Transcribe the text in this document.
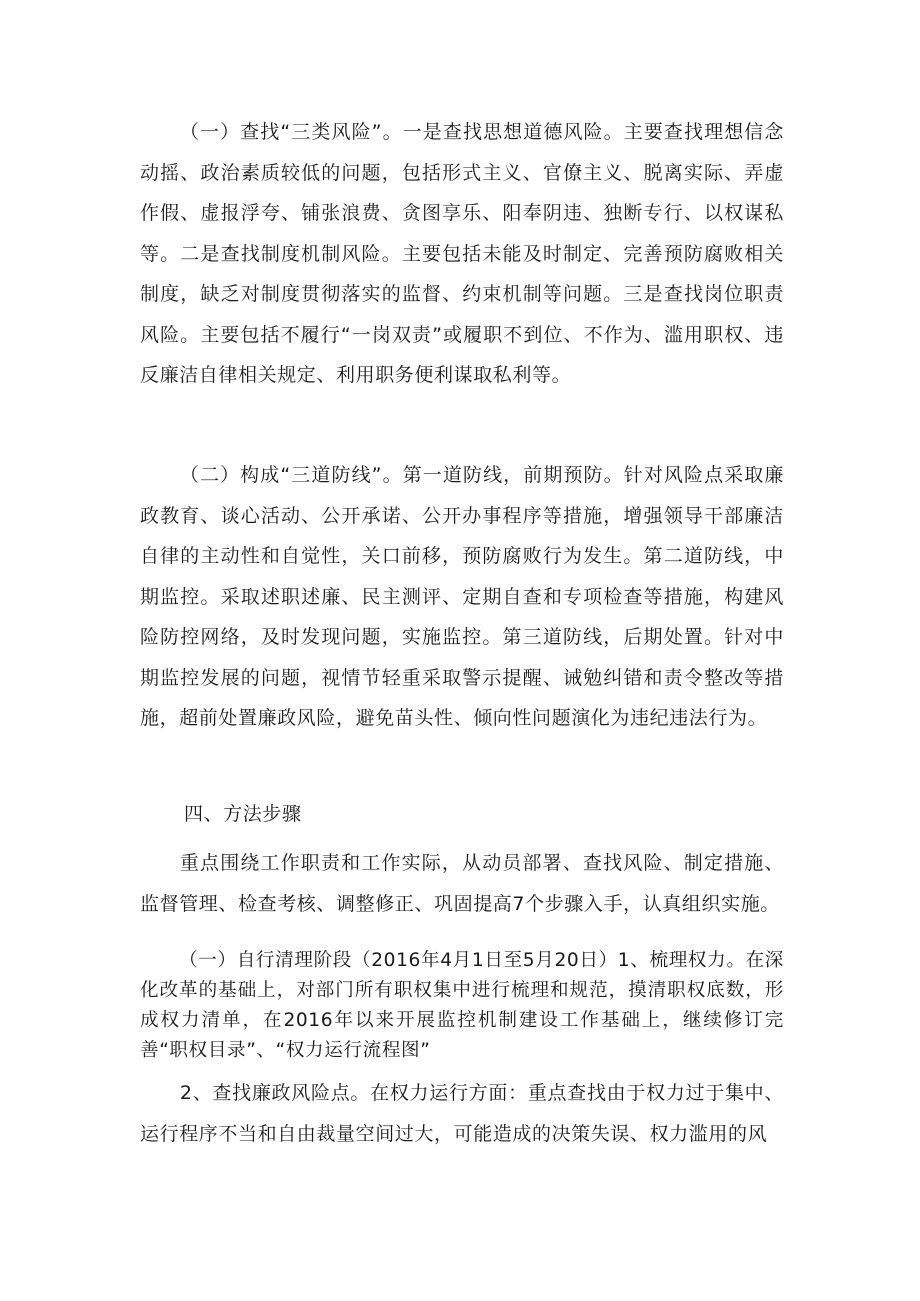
（一）查找“三类风险”。一是查找思想道德风险。主要查找理想信念动摇、政治素质较低的问题，包括形式主义、官僚主义、脱离实际、弄虚作假、虚报浮夸、铺张浪费、贪图享乐、阳奉阴违、独断专行、以权谋私等。二是查找制度机制风险。主要包括未能及时制定、完善预防腐败相关制度，缺乏对制度贯彻落实的监督、约束机制等问题。三是查找岗位职责风险。主要包括不履行“一岗双责”或履职不到位、不作为、滥用职权、违反廉洁自律相关规定、利用职务便利谋取私利等。

（二）构成“三道防线”。第一道防线，前期预防。针对风险点采取廉政教育、谈心活动、公开承诺、公开办事程序等措施，增强领导干部廉洁自律的主动性和自觉性，关口前移，预防腐败行为发生。第二道防线，中期监控。采取述职述廉、民主测评、定期自查和专项检查等措施，构建风险防控网络，及时发现问题，实施监控。第三道防线，后期处置。针对中期监控发展的问题，视情节轻重采取警示提醒、诫勉纠错和责令整改等措施，超前处置廉政风险，避免苗头性、倾向性问题演化为违纪违法行为。

四、方法步骤

重点围绕工作职责和工作实际，从动员部署、查找风险、制定措施、监督管理、检查考核、调整修正、巩固提高7个步骤入手，认真组织实施。

（一）自行清理阶段（2016年4月1日至5月20日）1、梳理权力。在深化改革的基础上，对部门所有职权集中进行梳理和规范，摸清职权底数，形成权力清单，在2016年以来开展监控机制建设工作基础上，继续修订完善“职权目录”、“权力运行流程图”

2、查找廉政风险点。在权力运行方面：重点查找由于权力过于集中、运行程序不当和自由裁量空间过大，可能造成的决策失误、权力滥用的风
